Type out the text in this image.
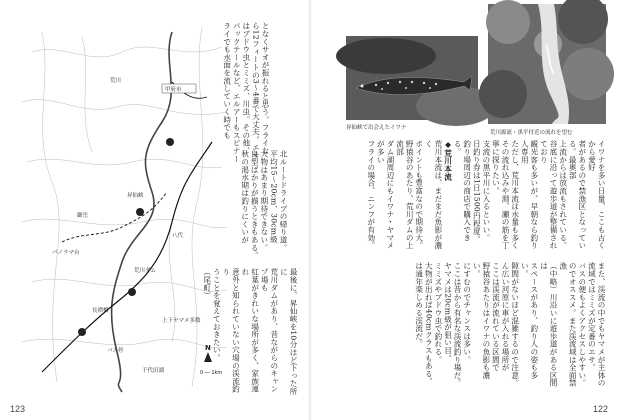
甲府市
荒川
昇仙峡
荒川ダム
御岳
パノラマ台
八代
千代田湖
長潭橋
バス停
上下ヤマメ多数
P
P
P
P
N
0 ― 1km
となくサオが振れると思う。フライな
ら12フィートの3～4番で大丈夫。エサ
はブドウ虫とミミズ、川虫。その他、
パックテールなど、エルアーもスピナー
ライでも水面を流していく時でも

北ルートドライブの帰り道。
平均15～20cm、30cm級
大物はあまり期待できない。
良型ばかりが揃うときもある。
秋の渇水期は釣りにくいが

最後に、昇仙峡を10分ほど下った所に
荒川ダムがあり、昔ながらのキャンプ場も
紅葉がきれいな場所が多く、家族連れ
意外と知られていない穴場の渓流釣り
うことを覚えておきたい。
（尾町）
123
昇仙峡で出会えたイワナ
荒川源流・黒平付近の流れを望む
イワナを多い日量、ここも古くから愛好
者があるので禁漁区となっている。最奥部
上流からは放流もされている。
谷底に沿って遊歩道が整備されており
観光客も多いが、早朝なら釣り人専用
ただし、荒川本流は水量も多く
その流れ込みや淵、瀬の筋を丁寧に探りたい。
支流の黒平川に入るといい。
日釣り券は1日1500円程度。
釣り場周辺の商店で購入できる。
◆荒川本流
荒川本流は、まだまだ魚影が濃く
ポイントも豊富なので期待大。
野猿谷のあたり、荒川ダムの上流部
ダム湖周辺にもイワナ・ヤマメが多い
フライの場合、ニンフが有効。

また、渓流の中でもヤマメが主体の
流域ではミミズが定番のエサ。
バスの便もよくアクセスしやすい。
のでオススメ。また渓流域は全面禁漁
（中略）川沿いに遊歩道がある区間は
スペースがあり、釣り人の姿も多い。
隙間がないほど混雑するので注意。
ん広い河原に車が入れる場所が
ここは渓流が流れている区間で
野猿谷あたりはイワナの魚影も濃い。
にすむのでチャンスは多い。
ここは昔から有名な渓流釣り場だ。
ヤマメは20cm級が狙い目。
ミミズやブドウ虫で釣れる。
大物が出れば40cmクラスもある。
は通年楽しめる渓流だ。

122
